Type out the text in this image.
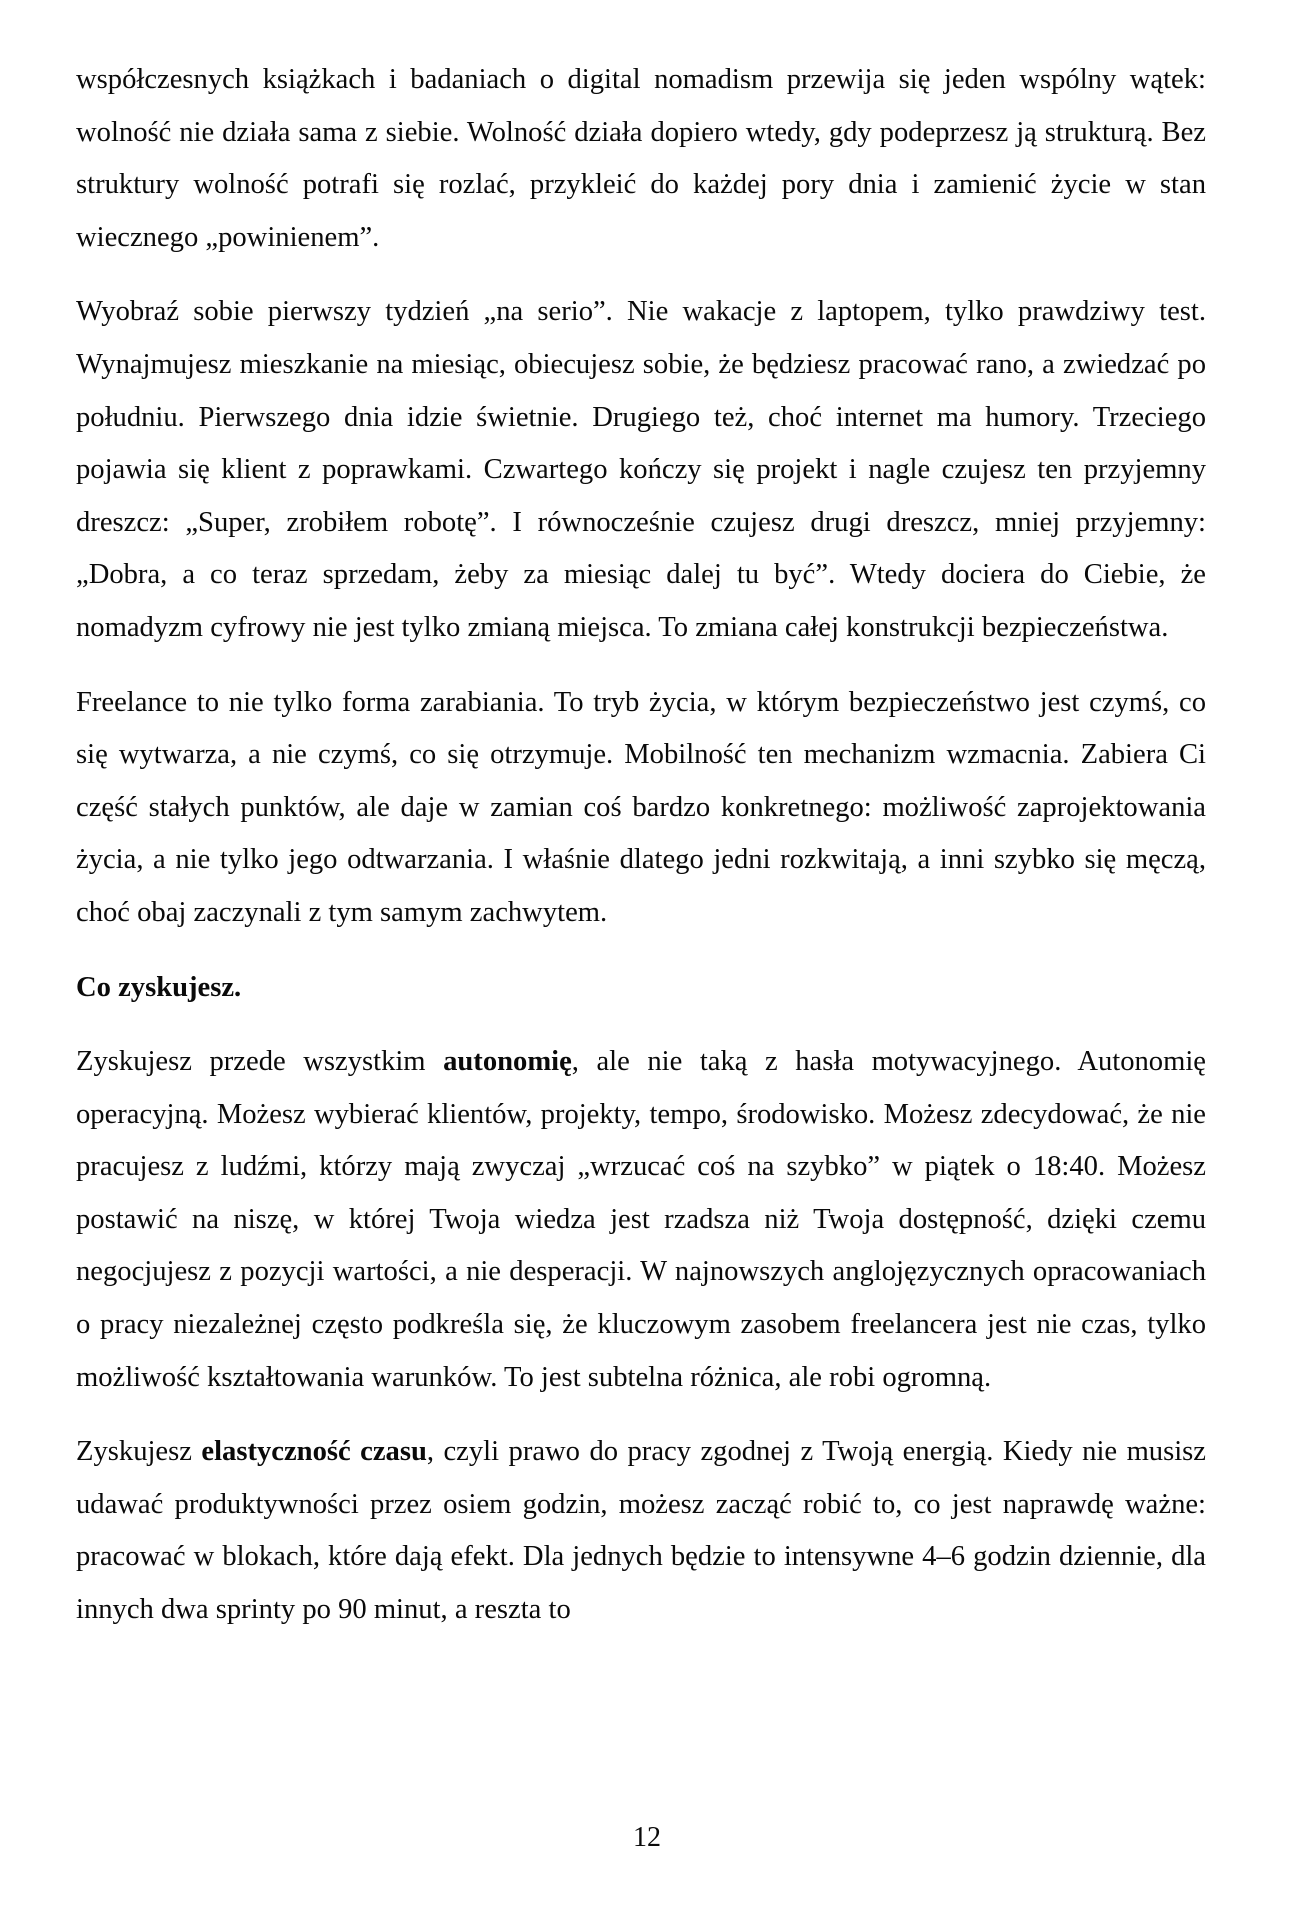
współczesnych książkach i badaniach o digital nomadism przewija się jeden wspólny wątek: wolność nie działa sama z siebie. Wolność działa dopiero wtedy, gdy podeprzesz ją strukturą. Bez struktury wolność potrafi się rozlać, przykleić do każdej pory dnia i zamienić życie w stan wiecznego „powinienem”.

Wyobraź sobie pierwszy tydzień „na serio”. Nie wakacje z laptopem, tylko prawdziwy test. Wynajmujesz mieszkanie na miesiąc, obiecujesz sobie, że będziesz pracować rano, a zwiedzać po południu. Pierwszego dnia idzie świetnie. Drugiego też, choć internet ma humory. Trzeciego pojawia się klient z poprawkami. Czwartego kończy się projekt i nagle czujesz ten przyjemny dreszcz: „Super, zrobiłem robotę”. I równocześnie czujesz drugi dreszcz, mniej przyjemny: „Dobra, a co teraz sprzedam, żeby za miesiąc dalej tu być”. Wtedy dociera do Ciebie, że nomadyzm cyfrowy nie jest tylko zmianą miejsca. To zmiana całej konstrukcji bezpieczeństwa.

Freelance to nie tylko forma zarabiania. To tryb życia, w którym bezpieczeństwo jest czymś, co się wytwarza, a nie czymś, co się otrzymuje. Mobilność ten mechanizm wzmacnia. Zabiera Ci część stałych punktów, ale daje w zamian coś bardzo konkretnego: możliwość zaprojektowania życia, a nie tylko jego odtwarzania. I właśnie dlatego jedni rozkwitają, a inni szybko się męczą, choć obaj zaczynali z tym samym zachwytem.

Co zyskujesz.

Zyskujesz przede wszystkim autonomię, ale nie taką z hasła motywacyjnego. Autonomię operacyjną. Możesz wybierać klientów, projekty, tempo, środowisko. Możesz zdecydować, że nie pracujesz z ludźmi, którzy mają zwyczaj „wrzucać coś na szybko” w piątek o 18:40. Możesz postawić na niszę, w której Twoja wiedza jest rzadsza niż Twoja dostępność, dzięki czemu negocjujesz z pozycji wartości, a nie desperacji. W najnowszych anglojęzycznych opracowaniach o pracy niezależnej często podkreśla się, że kluczowym zasobem freelancera jest nie czas, tylko możliwość kształtowania warunków. To jest subtelna różnica, ale robi ogromną.

Zyskujesz elastyczność czasu, czyli prawo do pracy zgodnej z Twoją energią. Kiedy nie musisz udawać produktywności przez osiem godzin, możesz zacząć robić to, co jest naprawdę ważne: pracować w blokach, które dają efekt. Dla jednych będzie to intensywne 4–6 godzin dziennie, dla innych dwa sprinty po 90 minut, a reszta to

12
